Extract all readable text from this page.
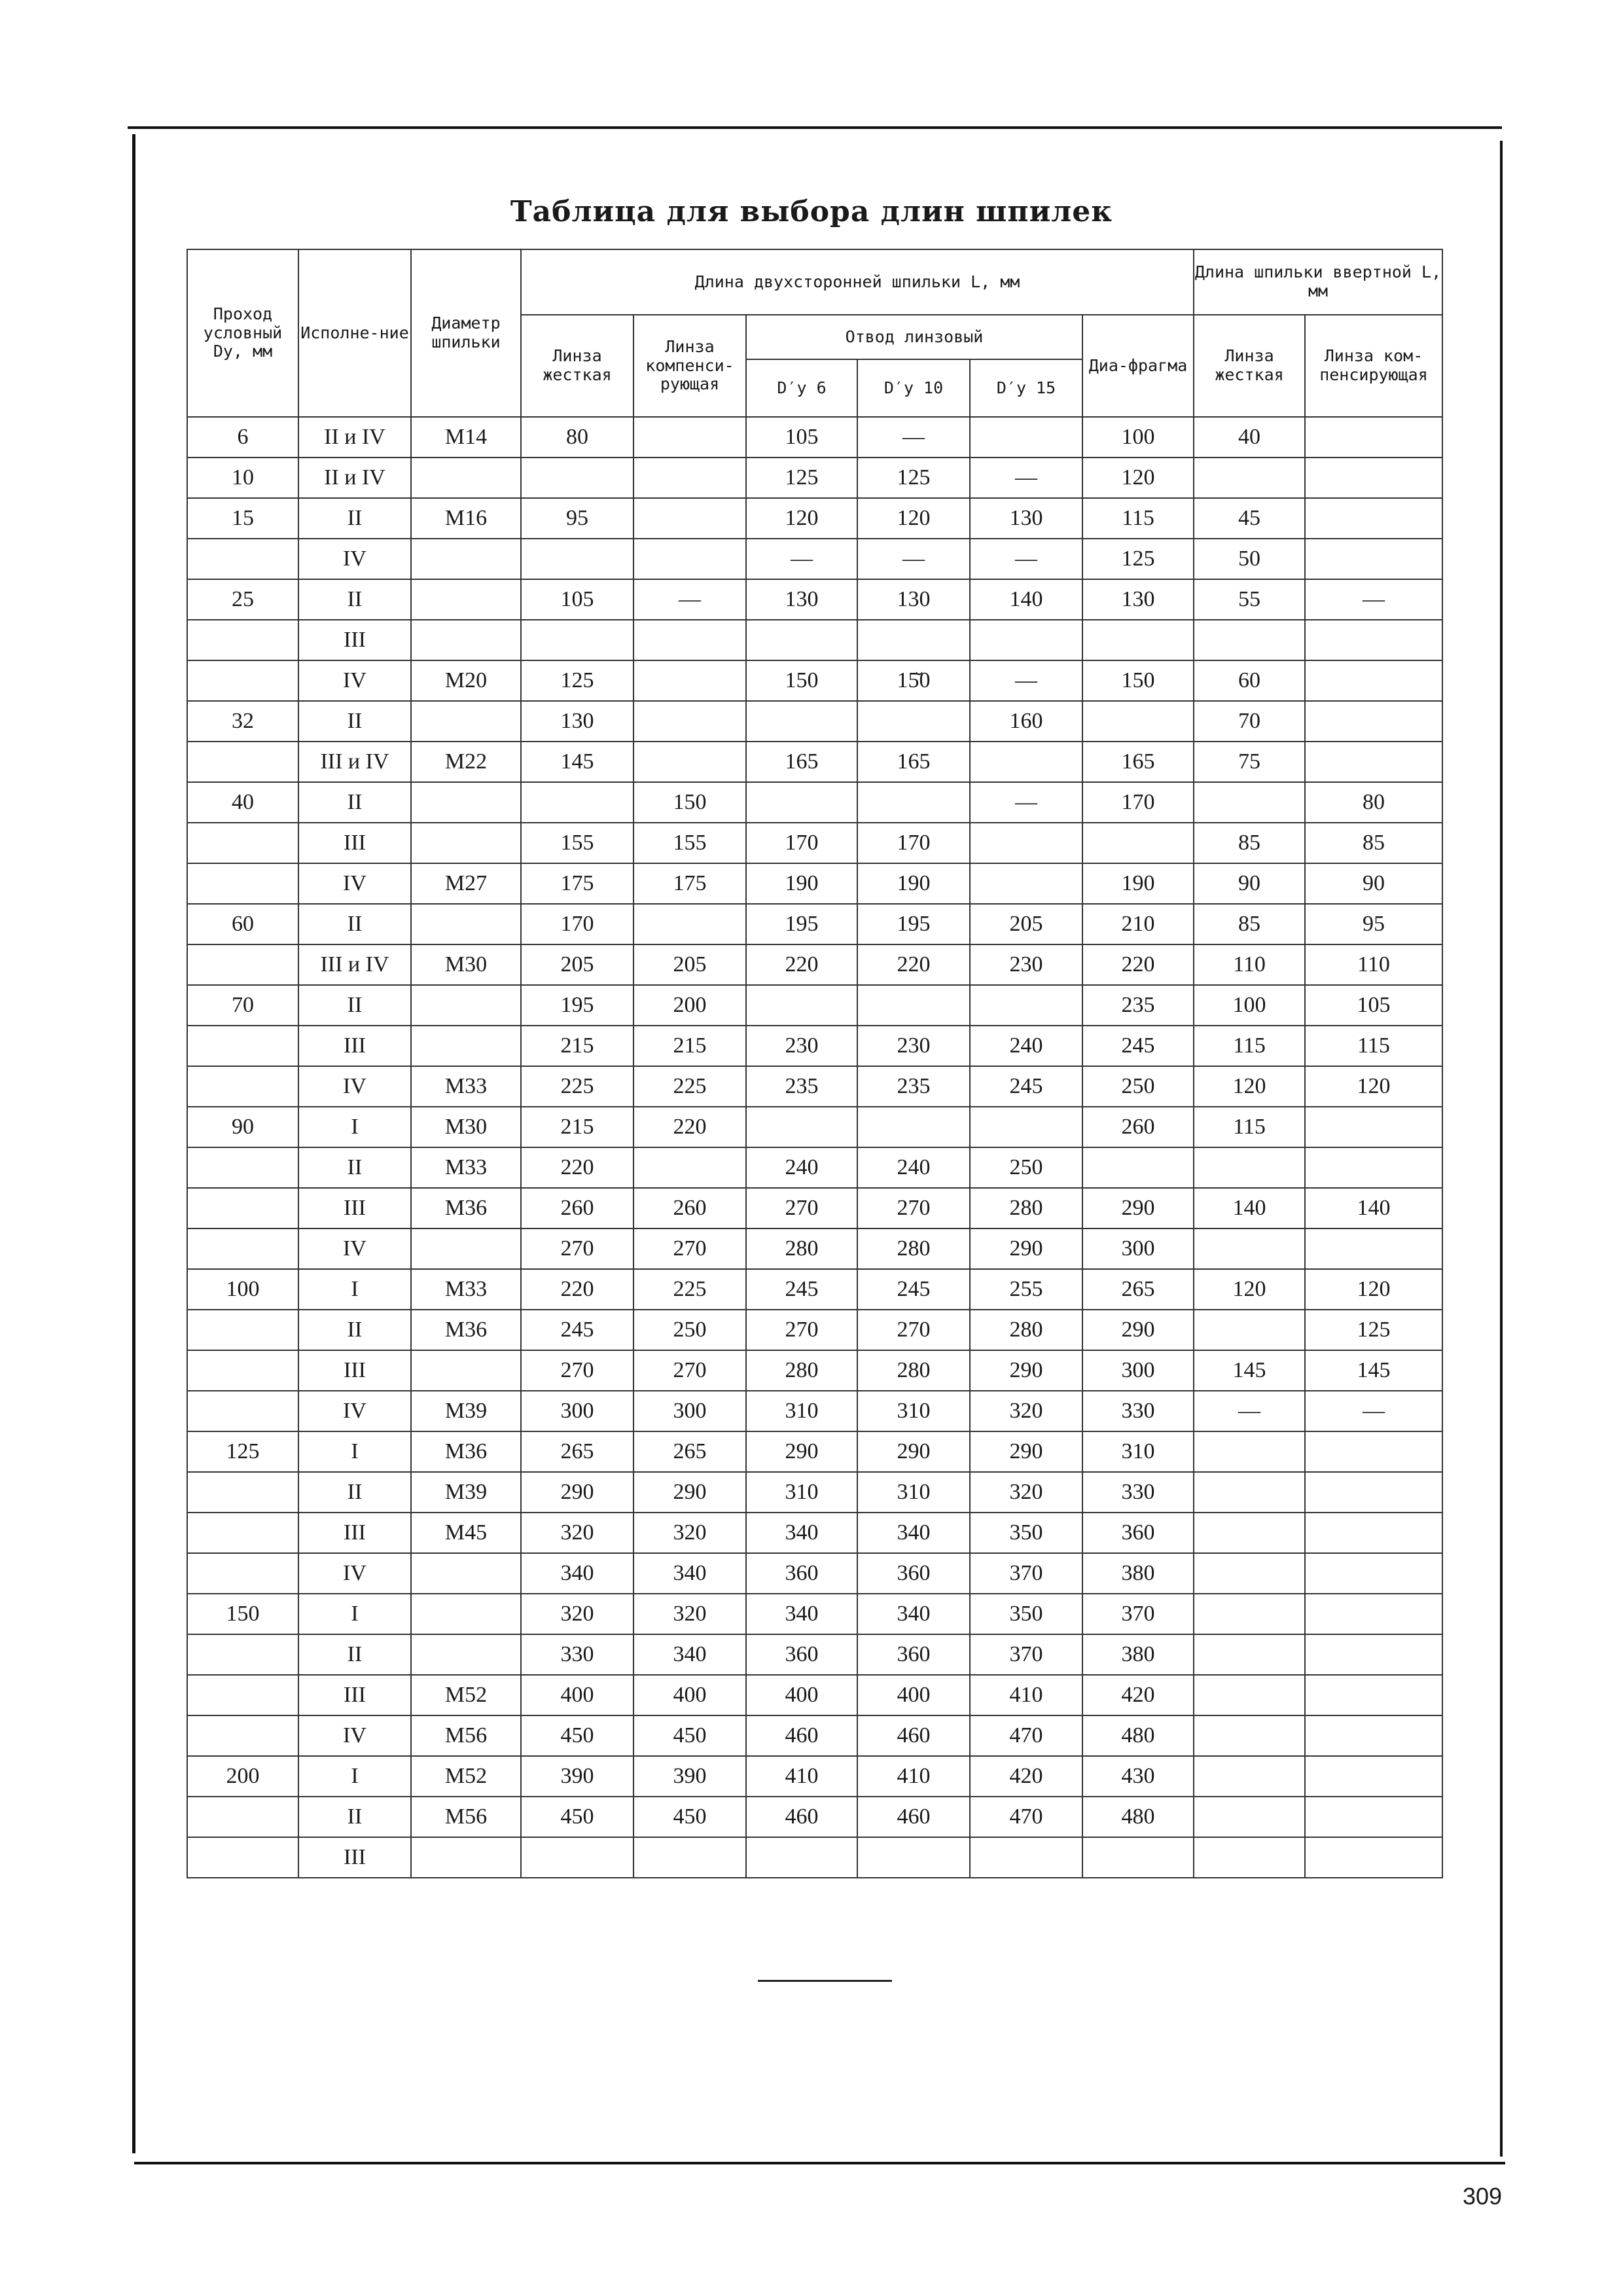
Таблица для выбора длин шпилек
Проход условный Dу, мм	Исполне-ние	Диаметр шпильки	Длина двухсторонней шпильки L, мм						Длина шпильки ввертной L, мм	
			Линза жесткая	Линза компенси-рующая	Отвод линзовый			Диа-фрагма	Линза жесткая	Линза ком-пенсирующая
					D′у 6	D′у 10	D′у 15			
6	II и IV	M14	80		105	—		100	40	
10	II и IV				125	125	—	120		
15	II	M16	95		120	120	130	115	45	
	IV				—	—	—	125	50	
25	II		105	—	130	130	140	130	55	—
	III									
	IV	M20	125		150	15̆0	—	150	60	
32	II		130				160		70	
	III и IV	M22	145		165	165		165	75	
40	II			150			—	170		80
	III		155	155	170	170			85	85
	IV	M27	175	175	190	190		190	90	90
60	II		170		195	195	205	210	85	95
	III и IV	M30	205	205	220	220	230	220	110	110
70	II		195	200				235	100	105
	III		215	215	230	230	240	245	115	115
	IV	M33	225	225	235	235	245	250	120	120
90	I	M30	215	220				260	115	
	II	M33	220		240	240	250			
	III	M36	260	260	270	270	280	290	140	140
	IV		270	270	280	280	290	300		
100	I	M33	220	225	245	245	255	265	120	120
	II	M36	245	250	270	270	280	290		125
	III		270	270	280	280	290	300	145	145
	IV	M39	300	300	310	310	320	330	—	—
125	I	M36	265	265	290	290	290	310		
	II	M39	290	290	310	310	320	330		
	III	M45	320	320	340	340	350	360		
	IV		340	340	360	360	370	380		
150	I		320	320	340	340	350	370		
	II		330	340	360	360	370	380		
	III	M52	400	400	400	400	410	420		
	IV	M56	450	450	460	460	470	480		
200	I	M52	390	390	410	410	420	430		
	II	M56	450	450	460	460	470	480		
	III									
309
